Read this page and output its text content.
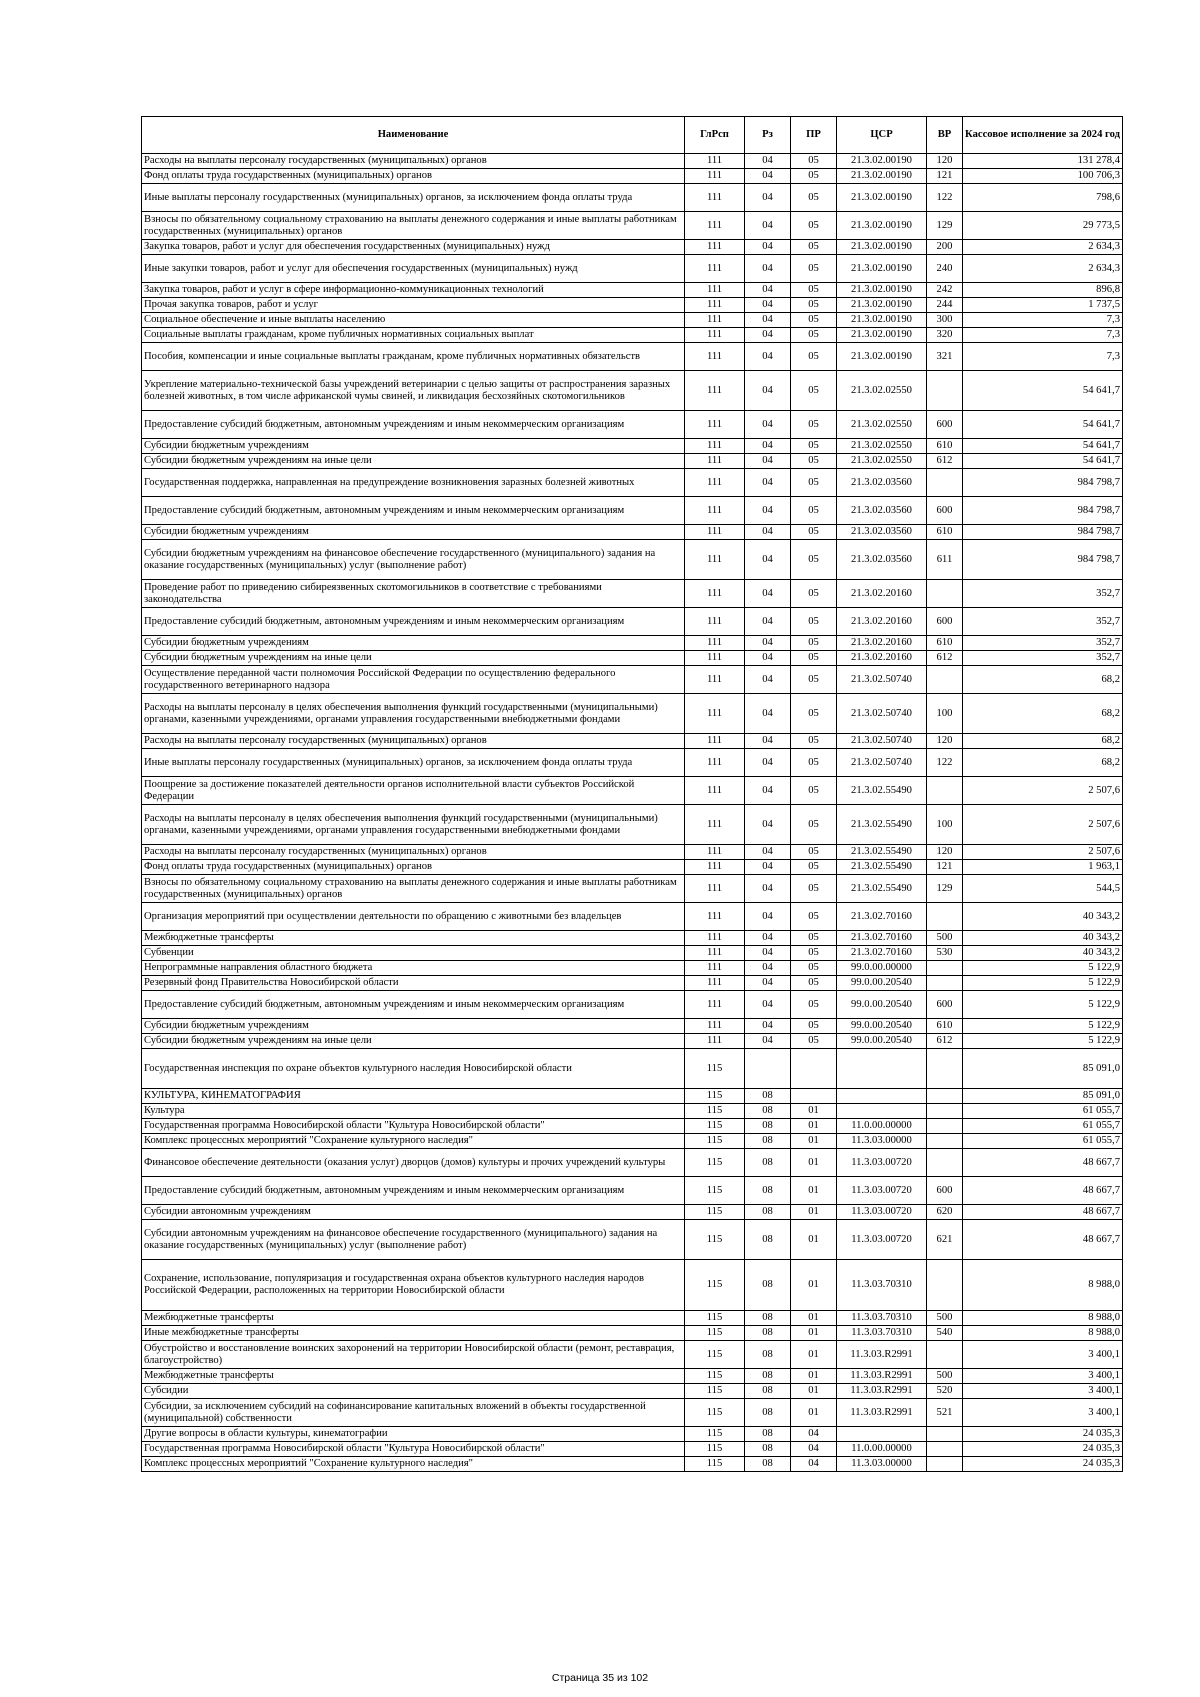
Наименование	ГлРсп	Рз	ПР	ЦСР	ВР	Кассовое исполнение за 2024 год
Расходы на выплаты персоналу государственных (муниципальных) органов	111	04	05	21.3.02.00190	120	131 278,4
Фонд оплаты труда государственных (муниципальных) органов	111	04	05	21.3.02.00190	121	100 706,3
Иные выплаты персоналу государственных (муниципальных) органов, за исключением фонда оплаты труда	111	04	05	21.3.02.00190	122	798,6
Взносы по обязательному социальному страхованию на выплаты денежного содержания и иные выплаты работникам государственных (муниципальных) органов	111	04	05	21.3.02.00190	129	29 773,5
Закупка товаров, работ и услуг для обеспечения государственных (муниципальных) нужд	111	04	05	21.3.02.00190	200	2 634,3
Иные закупки товаров, работ и услуг для обеспечения государственных (муниципальных) нужд	111	04	05	21.3.02.00190	240	2 634,3
Закупка товаров, работ и услуг в сфере информационно-коммуникационных технологий	111	04	05	21.3.02.00190	242	896,8
Прочая закупка товаров, работ и услуг	111	04	05	21.3.02.00190	244	1 737,5
Социальное обеспечение и иные выплаты населению	111	04	05	21.3.02.00190	300	7,3
Социальные выплаты гражданам, кроме публичных нормативных социальных выплат	111	04	05	21.3.02.00190	320	7,3
Пособия, компенсации и иные социальные выплаты гражданам, кроме публичных нормативных обязательств	111	04	05	21.3.02.00190	321	7,3
Укрепление материально-технической базы учреждений ветеринарии с целью защиты от распространения заразных болезней животных, в том числе африканской чумы свиней, и ликвидация бесхозяйных скотомогильников	111	04	05	21.3.02.02550		54 641,7
Предоставление субсидий бюджетным, автономным учреждениям и иным некоммерческим организациям	111	04	05	21.3.02.02550	600	54 641,7
Субсидии бюджетным учреждениям	111	04	05	21.3.02.02550	610	54 641,7
Субсидии бюджетным учреждениям на иные цели	111	04	05	21.3.02.02550	612	54 641,7
Государственная поддержка, направленная на предупреждение возникновения заразных болезней животных	111	04	05	21.3.02.03560		984 798,7
Предоставление субсидий бюджетным, автономным учреждениям и иным некоммерческим организациям	111	04	05	21.3.02.03560	600	984 798,7
Субсидии бюджетным учреждениям	111	04	05	21.3.02.03560	610	984 798,7
Субсидии бюджетным учреждениям на финансовое обеспечение государственного (муниципального) задания на оказание государственных (муниципальных) услуг (выполнение работ)	111	04	05	21.3.02.03560	611	984 798,7
Проведение работ по приведению сибиреязвенных скотомогильников в соответствие с требованиями законодательства	111	04	05	21.3.02.20160		352,7
Предоставление субсидий бюджетным, автономным учреждениям и иным некоммерческим организациям	111	04	05	21.3.02.20160	600	352,7
Субсидии бюджетным учреждениям	111	04	05	21.3.02.20160	610	352,7
Субсидии бюджетным учреждениям на иные цели	111	04	05	21.3.02.20160	612	352,7
Осуществление переданной части полномочия Российской Федерации по осуществлению федерального государственного ветеринарного надзора	111	04	05	21.3.02.50740		68,2
Расходы на выплаты персоналу в целях обеспечения выполнения функций государственными (муниципальными) органами, казенными учреждениями, органами управления государственными внебюджетными фондами	111	04	05	21.3.02.50740	100	68,2
Расходы на выплаты персоналу государственных (муниципальных) органов	111	04	05	21.3.02.50740	120	68,2
Иные выплаты персоналу государственных (муниципальных) органов, за исключением фонда оплаты труда	111	04	05	21.3.02.50740	122	68,2
Поощрение за достижение показателей деятельности органов исполнительной власти субъектов Российской Федерации	111	04	05	21.3.02.55490		2 507,6
Расходы на выплаты персоналу в целях обеспечения выполнения функций государственными (муниципальными) органами, казенными учреждениями, органами управления государственными внебюджетными фондами	111	04	05	21.3.02.55490	100	2 507,6
Расходы на выплаты персоналу государственных (муниципальных) органов	111	04	05	21.3.02.55490	120	2 507,6
Фонд оплаты труда государственных (муниципальных) органов	111	04	05	21.3.02.55490	121	1 963,1
Взносы по обязательному социальному страхованию на выплаты денежного содержания и иные выплаты работникам государственных (муниципальных) органов	111	04	05	21.3.02.55490	129	544,5
Организация мероприятий при осуществлении деятельности по обращению с животными без владельцев	111	04	05	21.3.02.70160		40 343,2
Межбюджетные трансферты	111	04	05	21.3.02.70160	500	40 343,2
Субвенции	111	04	05	21.3.02.70160	530	40 343,2
Непрограммные направления областного бюджета	111	04	05	99.0.00.00000		5 122,9
Резервный фонд Правительства Новосибирской области	111	04	05	99.0.00.20540		5 122,9
Предоставление субсидий бюджетным, автономным учреждениям и иным некоммерческим организациям	111	04	05	99.0.00.20540	600	5 122,9
Субсидии бюджетным учреждениям	111	04	05	99.0.00.20540	610	5 122,9
Субсидии бюджетным учреждениям на иные цели	111	04	05	99.0.00.20540	612	5 122,9
Государственная инспекция по охране объектов культурного наследия Новосибирской области	115					85 091,0
КУЛЬТУРА, КИНЕМАТОГРАФИЯ	115	08				85 091,0
Культура	115	08	01			61 055,7
Государственная программа Новосибирской области "Культура Новосибирской области"	115	08	01	11.0.00.00000		61 055,7
Комплекс процессных мероприятий "Сохранение культурного наследия"	115	08	01	11.3.03.00000		61 055,7
Финансовое обеспечение деятельности (оказания услуг) дворцов (домов) культуры и прочих учреждений культуры	115	08	01	11.3.03.00720		48 667,7
Предоставление субсидий бюджетным, автономным учреждениям и иным некоммерческим организациям	115	08	01	11.3.03.00720	600	48 667,7
Субсидии автономным учреждениям	115	08	01	11.3.03.00720	620	48 667,7
Субсидии автономным учреждениям на финансовое обеспечение государственного (муниципального) задания на оказание государственных (муниципальных) услуг (выполнение работ)	115	08	01	11.3.03.00720	621	48 667,7
Сохранение, использование, популяризация и государственная охрана объектов культурного наследия народов Российской Федерации, расположенных на территории Новосибирской области	115	08	01	11.3.03.70310		8 988,0
Межбюджетные трансферты	115	08	01	11.3.03.70310	500	8 988,0
Иные межбюджетные трансферты	115	08	01	11.3.03.70310	540	8 988,0
Обустройство и восстановление воинских захоронений на территории Новосибирской области (ремонт, реставрация, благоустройство)	115	08	01	11.3.03.R2991		3 400,1
Межбюджетные трансферты	115	08	01	11.3.03.R2991	500	3 400,1
Субсидии	115	08	01	11.3.03.R2991	520	3 400,1
Субсидии, за исключением субсидий на софинансирование капитальных вложений в объекты государственной (муниципальной) собственности	115	08	01	11.3.03.R2991	521	3 400,1
Другие вопросы в области культуры, кинематографии	115	08	04			24 035,3
Государственная программа Новосибирской области "Культура Новосибирской области"	115	08	04	11.0.00.00000		24 035,3
Комплекс процессных мероприятий "Сохранение культурного наследия"	115	08	04	11.3.03.00000		24 035,3
Страница 35 из 102
